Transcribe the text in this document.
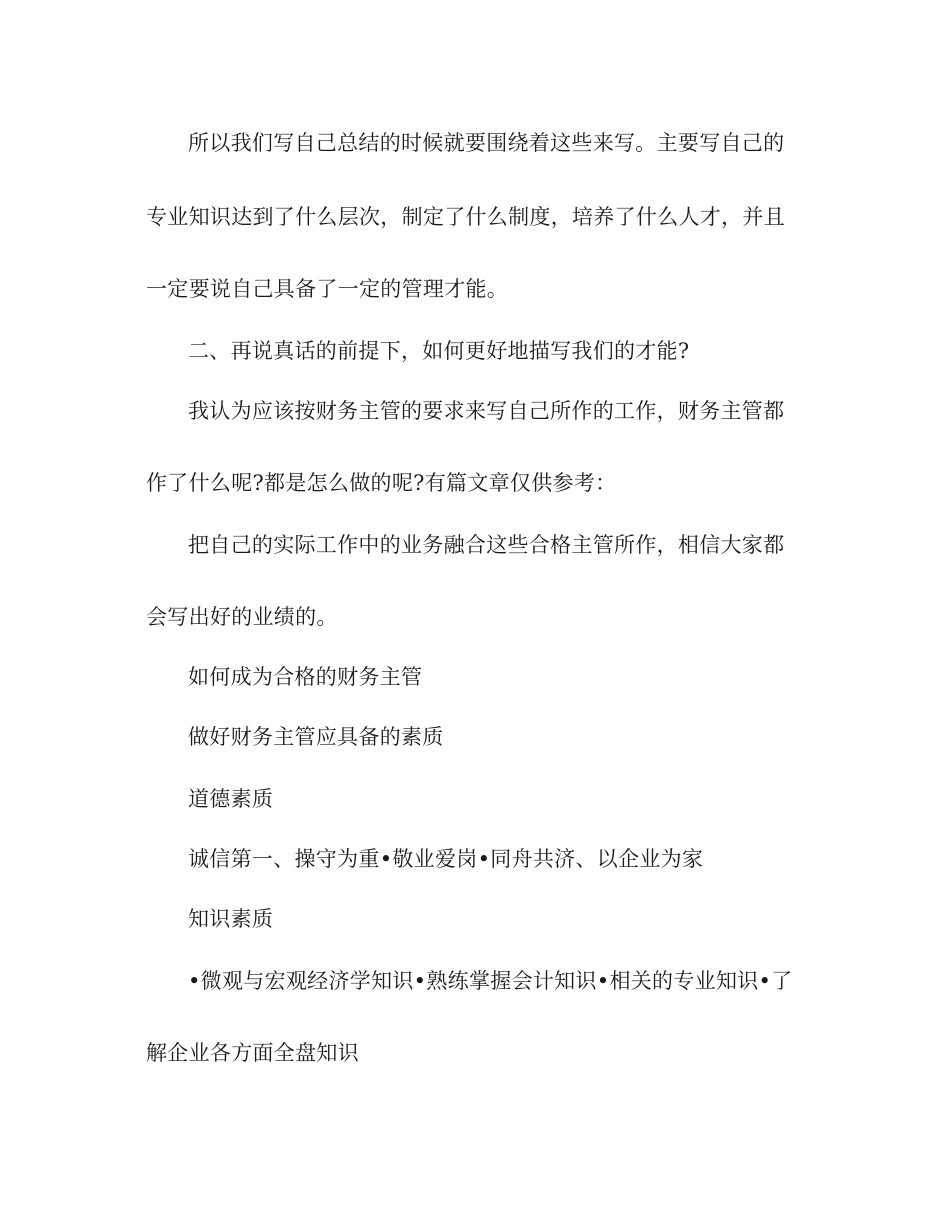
所以我们写自己总结的时候就要围绕着这些来写。主要写自己的
专业知识达到了什么层次，制定了什么制度，培养了什么人才，并且
一定要说自己具备了一定的管理才能。
二、再说真话的前提下，如何更好地描写我们的才能?
我认为应该按财务主管的要求来写自己所作的工作，财务主管都
作了什么呢?都是怎么做的呢?有篇文章仅供参考：
把自己的实际工作中的业务融合这些合格主管所作，相信大家都
会写出好的业绩的。
如何成为合格的财务主管
做好财务主管应具备的素质
道德素质
诚信第一、操守为重•敬业爱岗•同舟共济、以企业为家
知识素质
•微观与宏观经济学知识•熟练掌握会计知识•相关的专业知识•了
解企业各方面全盘知识
